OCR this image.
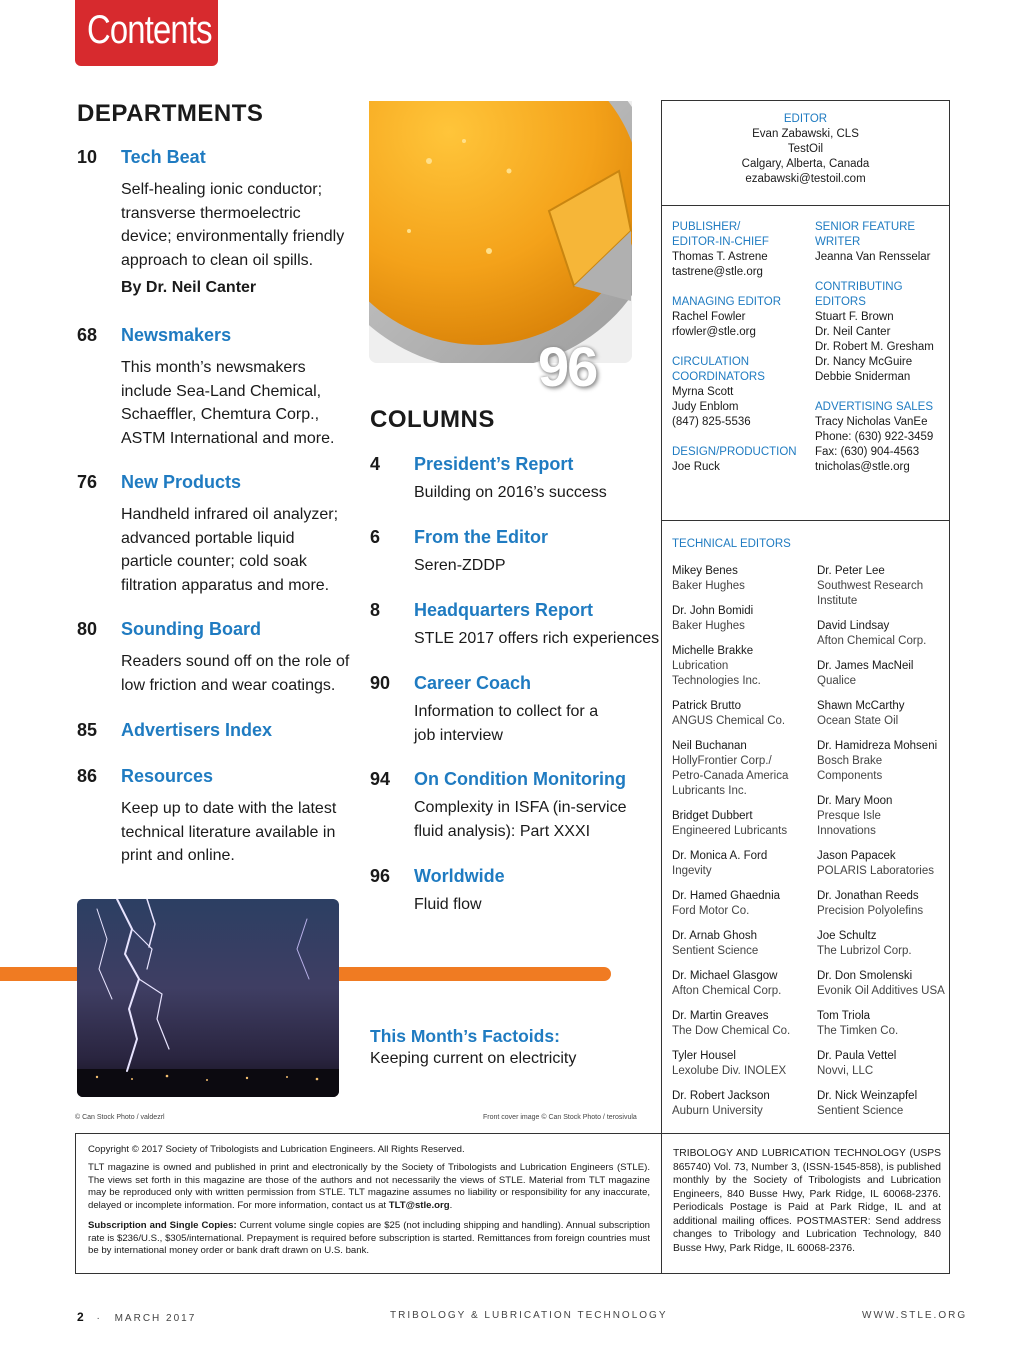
Contents
DEPARTMENTS
10 Tech Beat
Self-healing ionic conductor;
transverse thermoelectric
device; environmentally friendly
approach to clean oil spills.
By Dr. Neil Canter
68 Newsmakers
This month’s newsmakers
include Sea-Land Chemical,
Schaeffler, Chemtura Corp.,
ASTM International and more.
76 New Products
Handheld infrared oil analyzer;
advanced portable liquid
particle counter; cold soak
filtration apparatus and more.
80 Sounding Board
Readers sound off on the role of
low friction and wear coatings.
85 Advertisers Index
86 Resources
Keep up to date with the latest
technical literature available in
print and online.
96
COLUMNS
4 President’s Report
Building on 2016’s success
6 From the Editor
Seren-ZDDP
8 Headquarters Report
STLE 2017 offers rich experiences
90 Career Coach
Information to collect for a
job interview
94 On Condition Monitoring
Complexity in ISFA (in-service
fluid analysis): Part XXXI
96 Worldwide
Fluid flow
This Month’s Factoids:
Keeping current on electricity
© Can Stock Photo / valdezrl	Front cover image © Can Stock Photo / terosivula
EDITOR
Evan Zabawski, CLS
TestOil
Calgary, Alberta, Canada
ezabawski@testoil.com
PUBLISHER/
EDITOR-IN-CHIEF
Thomas T. Astrene
tastrene@stle.org
MANAGING EDITOR
Rachel Fowler
rfowler@stle.org
CIRCULATION
COORDINATORS
Myrna Scott
Judy Enblom
(847) 825-5536
DESIGN/PRODUCTION
Joe Ruck
SENIOR FEATURE WRITER
Jeanna Van Rensselar
CONTRIBUTING EDITORS
Stuart F. Brown
Dr. Neil Canter
Dr. Robert M. Gresham
Dr. Nancy McGuire
Debbie Sniderman
ADVERTISING SALES
Tracy Nicholas VanEe
Phone: (630) 922-3459
Fax: (630) 904-4563
tnicholas@stle.org
TECHNICAL EDITORS
Mikey Benes
Baker Hughes
Dr. John Bomidi
Baker Hughes
Michelle Brakke
Lubrication
Technologies Inc.
Patrick Brutto
ANGUS Chemical Co.
Neil Buchanan
HollyFrontier Corp./
Petro-Canada America
Lubricants Inc.
Bridget Dubbert
Engineered Lubricants
Dr. Monica A. Ford
Ingevity
Dr. Hamed Ghaednia
Ford Motor Co.
Dr. Arnab Ghosh
Sentient Science
Dr. Michael Glasgow
Afton Chemical Corp.
Dr. Martin Greaves
The Dow Chemical Co.
Tyler Housel
Lexolube Div. INOLEX
Dr. Robert Jackson
Auburn University
Dr. Peter Lee
Southwest Research
Institute
David Lindsay
Afton Chemical Corp.
Dr. James MacNeil
Qualice
Shawn McCarthy
Ocean State Oil
Dr. Hamidreza Mohseni
Bosch Brake Components
Dr. Mary Moon
Presque Isle
Innovations
Jason Papacek
POLARIS Laboratories
Dr. Jonathan Reeds
Precision Polyolefins
Joe Schultz
The Lubrizol Corp.
Dr. Don Smolenski
Evonik Oil Additives USA
Tom Triola
The Timken Co.
Dr. Paula Vettel
Novvi, LLC
Dr. Nick Weinzapfel
Sentient Science
TRIBOLOGY AND LUBRICATION TECHNOLOGY (USPS 865740) Vol. 73, Number 3, (ISSN-1545-858), is published monthly by the Society of Tribologists and Lubrication Engineers, 840 Busse Hwy, Park Ridge, IL 60068-2376. Periodicals Postage is Paid at Park Ridge, IL and at additional mailing offices. POSTMASTER: Send address changes to Tribology and Lubrication Technology, 840 Busse Hwy, Park Ridge, IL 60068-2376.
Copyright © 2017 Society of Tribologists and Lubrication Engineers. All Rights Reserved.
TLT magazine is owned and published in print and electronically by the Society of Tribologists and Lubrication Engineers (STLE). The views set forth in this magazine are those of the authors and not necessarily the views of STLE. Material from TLT magazine may be reproduced only with written permission from STLE. TLT magazine assumes no liability or responsibility for any inaccurate, delayed or incomplete information. For more information, contact us at TLT@stle.org.
Subscription and Single Copies: Current volume single copies are $25 (not including shipping and handling). Annual subscription rate is $236/U.S., $305/international. Prepayment is required before subscription is started. Remittances from foreign countries must be by international money order or bank draft drawn on U.S. bank.
2 · MARCH 2017	TRIBOLOGY & LUBRICATION TECHNOLOGY	WWW.STLE.ORG
